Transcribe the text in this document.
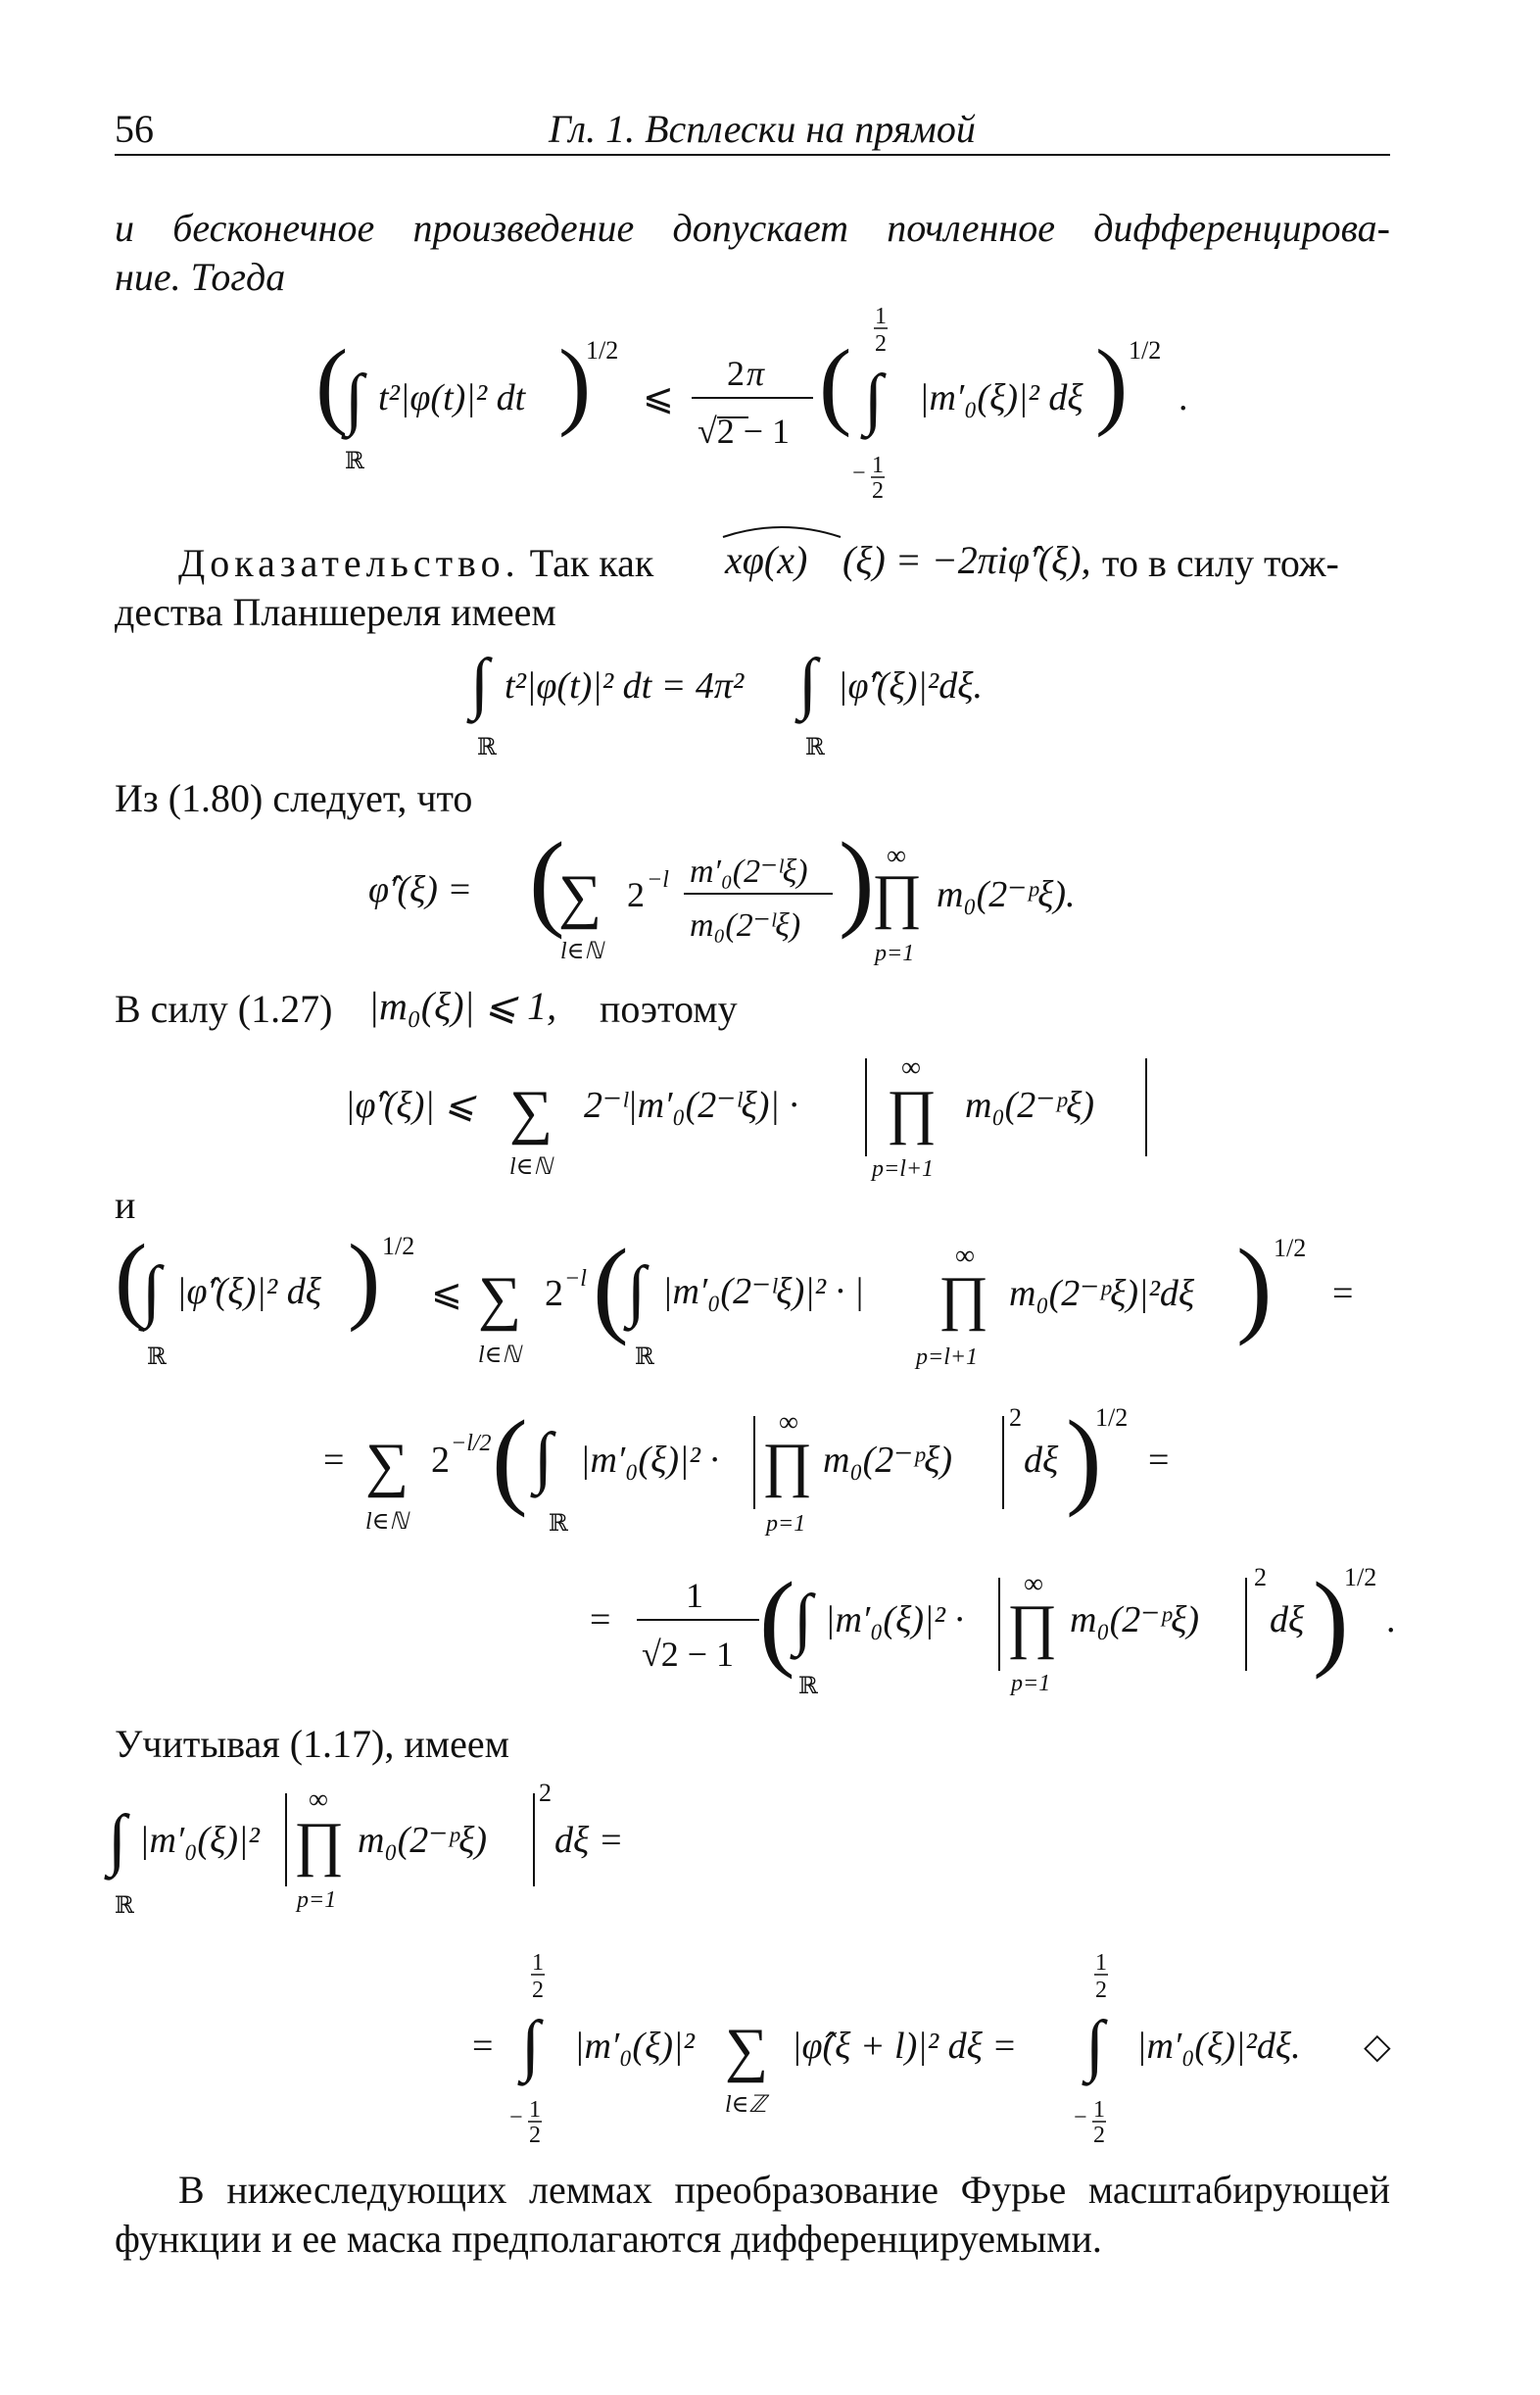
56	Гл. 1. Всплески на прямой

и бесконечное произведение допускает почленное дифференцирова-

ние. Тогда

Доказательство. Так как	то в силу тож-

дества Планшереля имеем

Из (1.80) следует, что

В силу (1.27)	поэтому

и

Учитывая (1.17), имеем

В нижеследующих леммах преобразование Фурье масштабирующей

функции и ее маска предполагаются дифференцируемыми.

(
∫
ℝ
t²|φ(t)|² dt )
1/2
⩽
2 π
√2 − 1 (
1
2
∫
− 1
2
|m′₀(ξ)|² dξ ) 1/2
.
xφ(x) (ξ) = −2πiφ̂′(ξ),
∫
ℝ
t²|φ(t)|² dt = 4π² ∫
ℝ
|φ̂′(ξ)|²dξ.
φ̂′(ξ) = (
∑
l∈ℕ
2 −l m′₀(2⁻ˡξ)
m₀(2⁻ˡξ) ) ∞
∏
p=1
m₀(2⁻ᵖξ).
|m₀(ξ)| ⩽ 1,
|φ̂′(ξ)| ⩽ ∑
l∈ℕ
2⁻ˡ|m′₀(2⁻ˡξ)| ·
∞
∏
p=l+1
m₀(2⁻ᵖξ)
(
∫
ℝ
|φ̂′(ξ)|² dξ ) 1/2
⩽ ∑
l∈ℕ
2 −l (
∫
ℝ
|m′₀(2⁻ˡξ)|² · |
∞
∏
p=l+1
m₀(2⁻ᵖξ)|²dξ ) 1/2
=
= ∑
l∈ℕ
2 −l/2 ( ∫
ℝ
|m′₀(ξ)|² ·
∞
∏
p=1
m₀(2⁻ᵖξ)
2
dξ )
1/2
=
=
1
√2 − 1 (
∫
ℝ
|m′₀(ξ)|² ·
∞
∏
p=1
m₀(2⁻ᵖξ)
2
dξ )
1/2
.
∫
ℝ
|m′₀(ξ)|²
∞
∏
p=1
m₀(2⁻ᵖξ)
2
dξ =
=
1
2
∫
− 1
2
|m′₀(ξ)|² ∑
l∈ℤ
|φ̂(ξ + l)|² dξ =
1
2
∫
− 1
2
|m′₀(ξ)|²dξ. ◇
